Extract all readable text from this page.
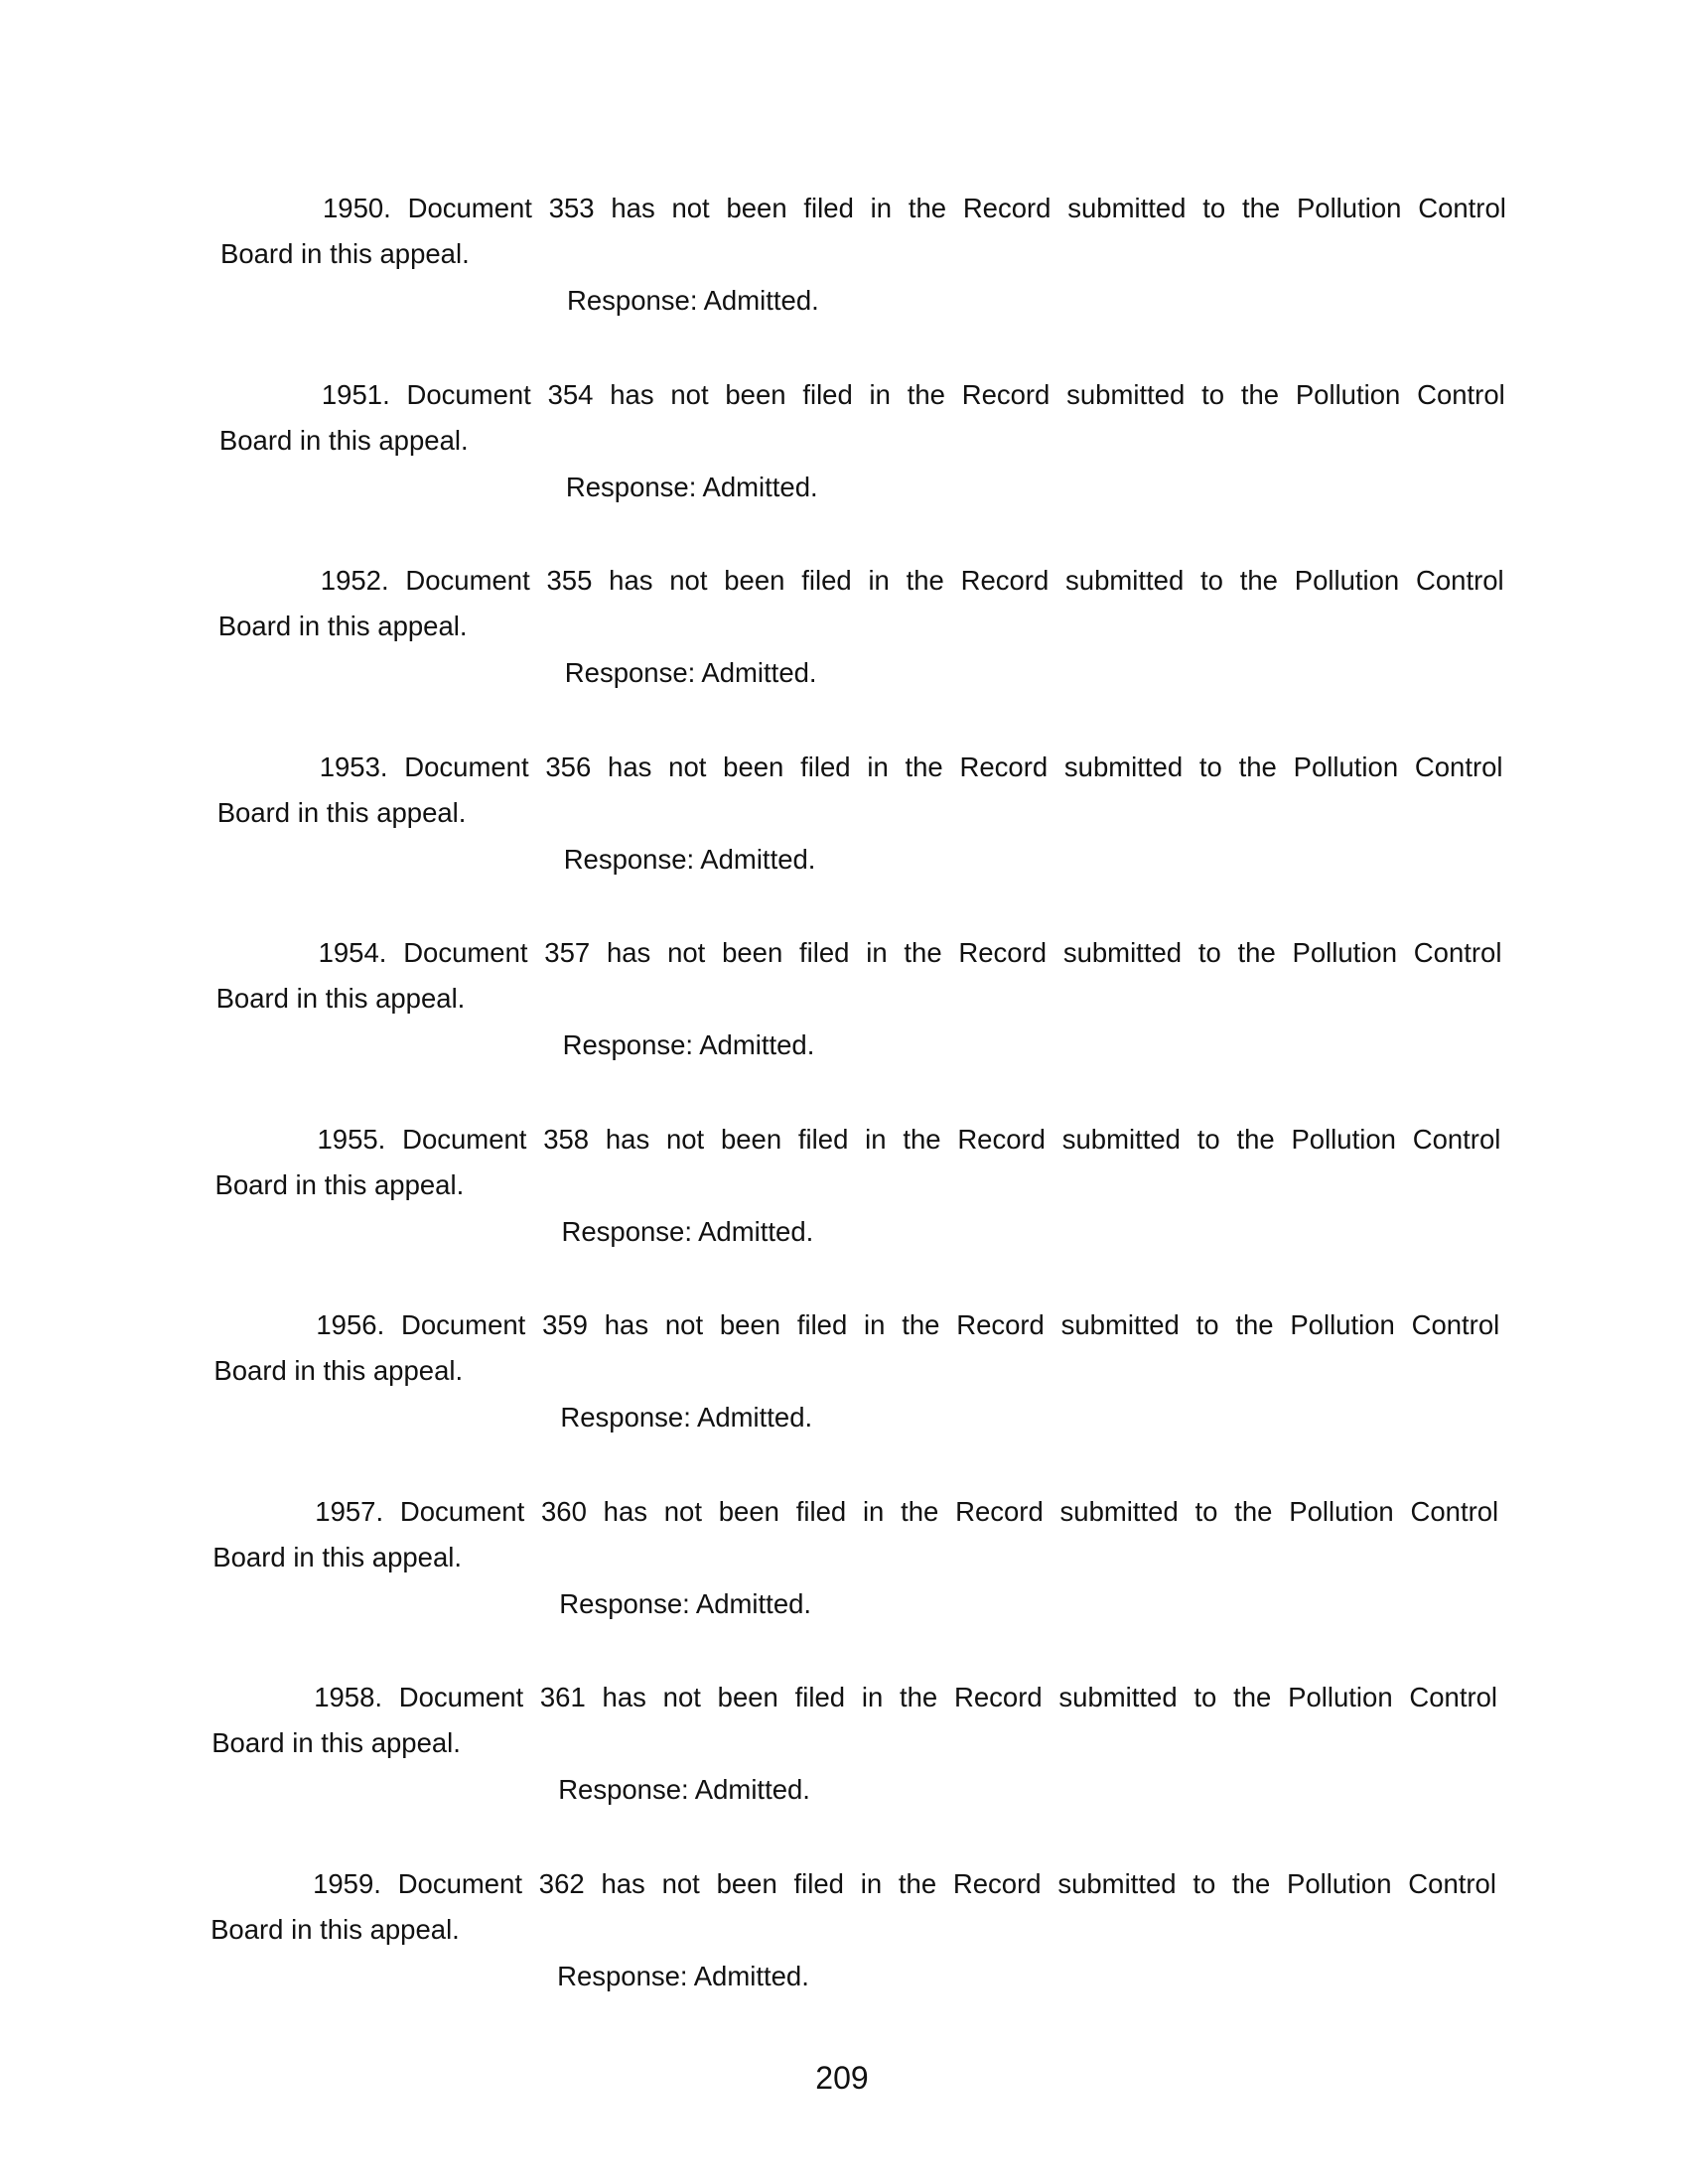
1950. Document 353 has not been filed in the Record submitted to the Pollution Control
Board in this appeal.
Response: Admitted.
1951. Document 354 has not been filed in the Record submitted to the Pollution Control
Board in this appeal.
Response: Admitted.
1952. Document 355 has not been filed in the Record submitted to the Pollution Control
Board in this appeal.
Response: Admitted.
1953. Document 356 has not been filed in the Record submitted to the Pollution Control
Board in this appeal.
Response: Admitted.
1954. Document 357 has not been filed in the Record submitted to the Pollution Control
Board in this appeal.
Response: Admitted.
1955. Document 358 has not been filed in the Record submitted to the Pollution Control
Board in this appeal.
Response: Admitted.
1956. Document 359 has not been filed in the Record submitted to the Pollution Control
Board in this appeal.
Response: Admitted.
1957. Document 360 has not been filed in the Record submitted to the Pollution Control
Board in this appeal.
Response: Admitted.
1958. Document 361 has not been filed in the Record submitted to the Pollution Control
Board in this appeal.
Response: Admitted.
1959. Document 362 has not been filed in the Record submitted to the Pollution Control
Board in this appeal.
Response: Admitted.
209
